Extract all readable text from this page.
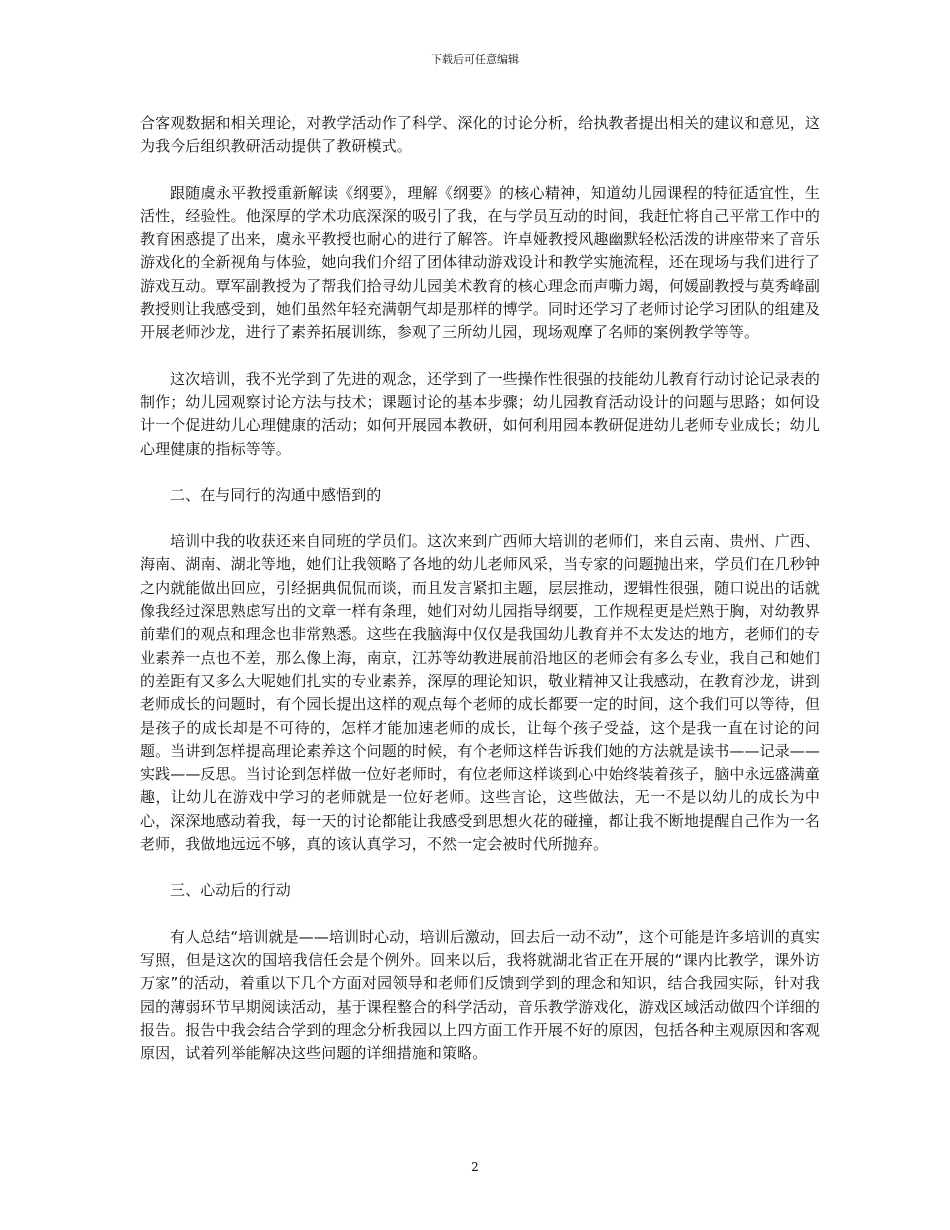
下载后可任意编辑

合客观数据和相关理论，对教学活动作了科学、深化的讨论分析，给执教者提出相关的建议和意见，这为我今后组织教研活动提供了教研模式。

跟随虞永平教授重新解读《纲要》，理解《纲要》的核心精神，知道幼儿园课程的特征适宜性，生活性，经验性。他深厚的学术功底深深的吸引了我，在与学员互动的时间，我赶忙将自己平常工作中的教育困惑提了出来，虞永平教授也耐心的进行了解答。许卓娅教授风趣幽默轻松活泼的讲座带来了音乐游戏化的全新视角与体验，她向我们介绍了团体律动游戏设计和教学实施流程，还在现场与我们进行了游戏互动。覃军副教授为了帮我们拾寻幼儿园美术教育的核心理念而声嘶力竭，何媛副教授与莫秀峰副教授则让我感受到，她们虽然年轻充满朝气却是那样的博学。同时还学习了老师讨论学习团队的组建及开展老师沙龙，进行了素养拓展训练，参观了三所幼儿园，现场观摩了名师的案例教学等等。

这次培训，我不光学到了先进的观念，还学到了一些操作性很强的技能幼儿教育行动讨论记录表的制作；幼儿园观察讨论方法与技术；课题讨论的基本步骤；幼儿园教育活动设计的问题与思路；如何设计一个促进幼儿心理健康的活动；如何开展园本教研，如何利用园本教研促进幼儿老师专业成长；幼儿心理健康的指标等等。

二、在与同行的沟通中感悟到的

培训中我的收获还来自同班的学员们。这次来到广西师大培训的老师们，来自云南、贵州、广西、海南、湖南、湖北等地，她们让我领略了各地的幼儿老师风采，当专家的问题抛出来，学员们在几秒钟之内就能做出回应，引经据典侃侃而谈，而且发言紧扣主题，层层推动，逻辑性很强，随口说出的话就像我经过深思熟虑写出的文章一样有条理，她们对幼儿园指导纲要，工作规程更是烂熟于胸，对幼教界前辈们的观点和理念也非常熟悉。这些在我脑海中仅仅是我国幼儿教育并不太发达的地方，老师们的专业素养一点也不差，那么像上海，南京，江苏等幼教进展前沿地区的老师会有多么专业，我自己和她们的差距有又多么大呢她们扎实的专业素养，深厚的理论知识，敬业精神又让我感动，在教育沙龙，讲到老师成长的问题时，有个园长提出这样的观点每个老师的成长都要一定的时间，这个我们可以等待，但是孩子的成长却是不可待的，怎样才能加速老师的成长，让每个孩子受益，这个是我一直在讨论的问题。当讲到怎样提高理论素养这个问题的时候，有个老师这样告诉我们她的方法就是读书——记录——实践——反思。当讨论到怎样做一位好老师时，有位老师这样谈到心中始终装着孩子，脑中永远盛满童趣，让幼儿在游戏中学习的老师就是一位好老师。这些言论，这些做法，无一不是以幼儿的成长为中心，深深地感动着我，每一天的讨论都能让我感受到思想火花的碰撞，都让我不断地提醒自己作为一名老师，我做地远远不够，真的该认真学习，不然一定会被时代所抛弃。

三、心动后的行动

有人总结“培训就是——培训时心动，培训后激动，回去后一动不动”，这个可能是许多培训的真实写照，但是这次的国培我信任会是个例外。回来以后，我将就湖北省正在开展的“课内比教学，课外访万家”的活动，着重以下几个方面对园领导和老师们反馈到学到的理念和知识，结合我园实际，针对我园的薄弱环节早期阅读活动，基于课程整合的科学活动，音乐教学游戏化，游戏区域活动做四个详细的报告。报告中我会结合学到的理念分析我园以上四方面工作开展不好的原因，包括各种主观原因和客观原因，试着列举能解决这些问题的详细措施和策略。

2
